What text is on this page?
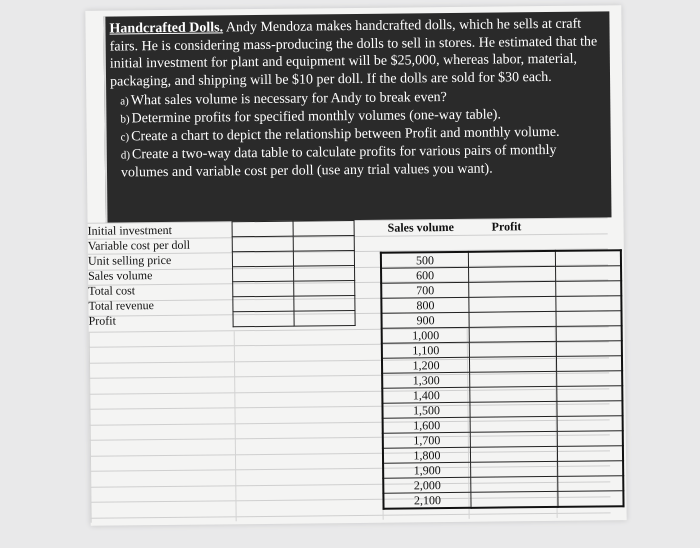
Handcrafted Dolls. Andy Mendoza makes handcrafted dolls, which he sells at craft fairs. He is considering mass-producing the dolls to sell in stores. He estimated that the initial investment for plant and equipment will be $25,000, whereas labor, material, packaging, and shipping will be $10 per doll. If the dolls are sold for $30 each.
a) What sales volume is necessary for Andy to break even?
b) Determine profits for specified monthly volumes (one-way table).
c) Create a chart to depict the relationship between Profit and monthly volume.
d) Create a two-way data table to calculate profits for various pairs of monthly volumes and variable cost per doll (use any trial values you want).
Initial investment
Variable cost per doll
Unit selling price
Sales volume
Total cost
Total revenue
Profit

Sales volume	Profit
500		
600		
700		
800		
900		
1,000		
1,100		
1,200		
1,300		
1,400		
1,500		
1,600		
1,700		
1,800		
1,900		
2,000		
2,100		
